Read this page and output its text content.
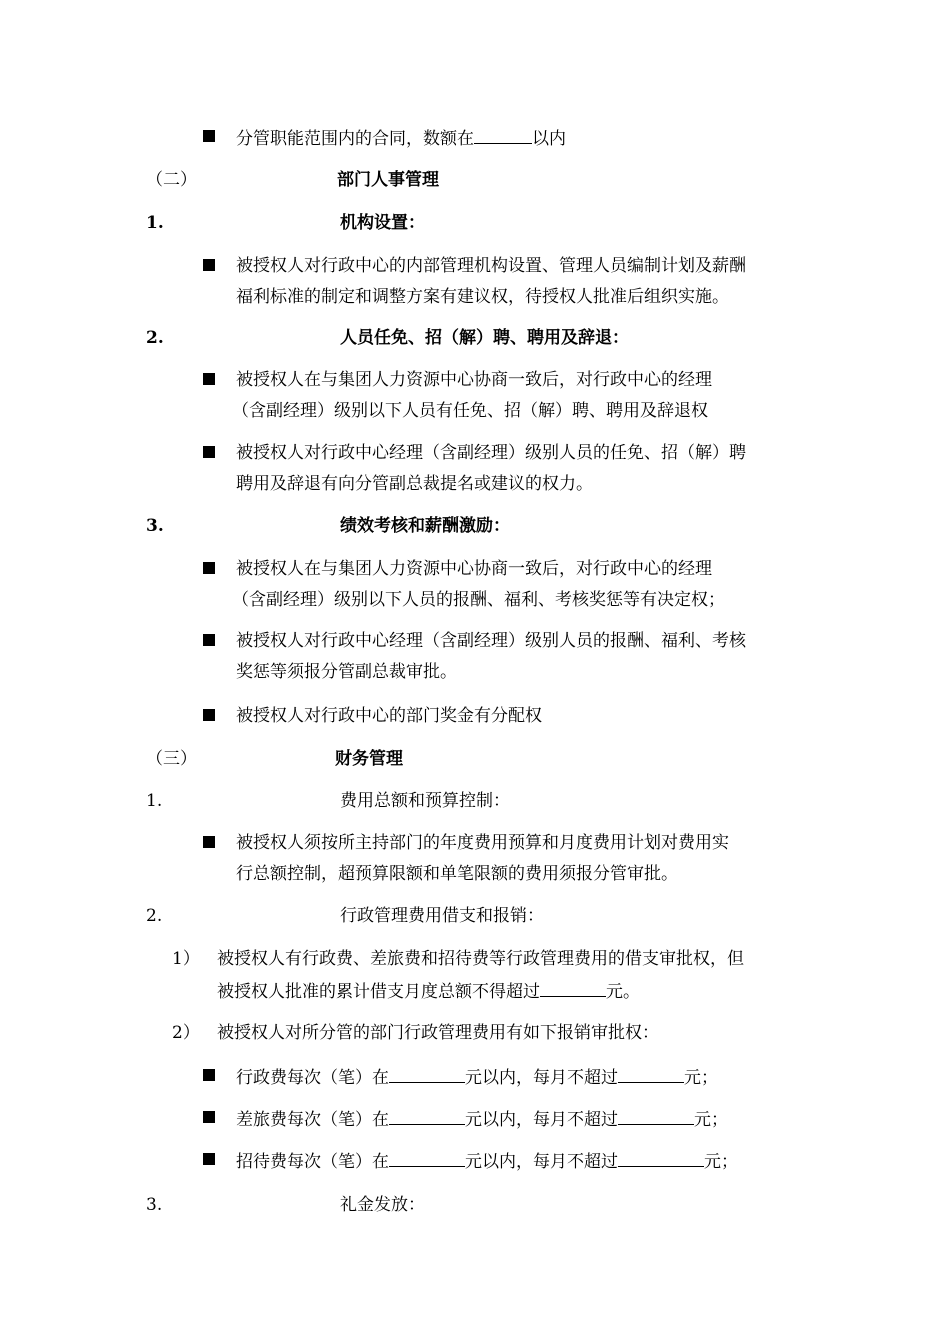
分管职能范围内的合同，数额在	以内
（二）	部门人事管理
1.	机构设置：
被授权人对行政中心的内部管理机构设置、管理人员编制计划及薪酬
福利标准的制定和调整方案有建议权，待授权人批准后组织实施。
2.	人员任免、招（解）聘、聘用及辞退：
被授权人在与集团人力资源中心协商一致后，对行政中心的经理
（含副经理）级别以下人员有任免、招（解）聘、聘用及辞退权
被授权人对行政中心经理（含副经理）级别人员的任免、招（解）聘
聘用及辞退有向分管副总裁提名或建议的权力。
3.	绩效考核和薪酬激励：
被授权人在与集团人力资源中心协商一致后，对行政中心的经理
（含副经理）级别以下人员的报酬、福利、考核奖惩等有决定权；
被授权人对行政中心经理（含副经理）级别人员的报酬、福利、考核
奖惩等须报分管副总裁审批。
被授权人对行政中心的部门奖金有分配权
（三）	财务管理
1.	费用总额和预算控制：
被授权人须按所主持部门的年度费用预算和月度费用计划对费用实
行总额控制，超预算限额和单笔限额的费用须报分管审批。
2.	行政管理费用借支和报销：
1） 被授权人有行政费、差旅费和招待费等行政管理费用的借支审批权，但
被授权人批准的累计借支月度总额不得超过	元。
2） 被授权人对所分管的部门行政管理费用有如下报销审批权：
行政费每次（笔）在	元以内，每月不超过	元；
差旅费每次（笔）在	元以内，每月不超过	元；
招待费每次（笔）在	元以内，每月不超过	元；
3.	礼金发放：
